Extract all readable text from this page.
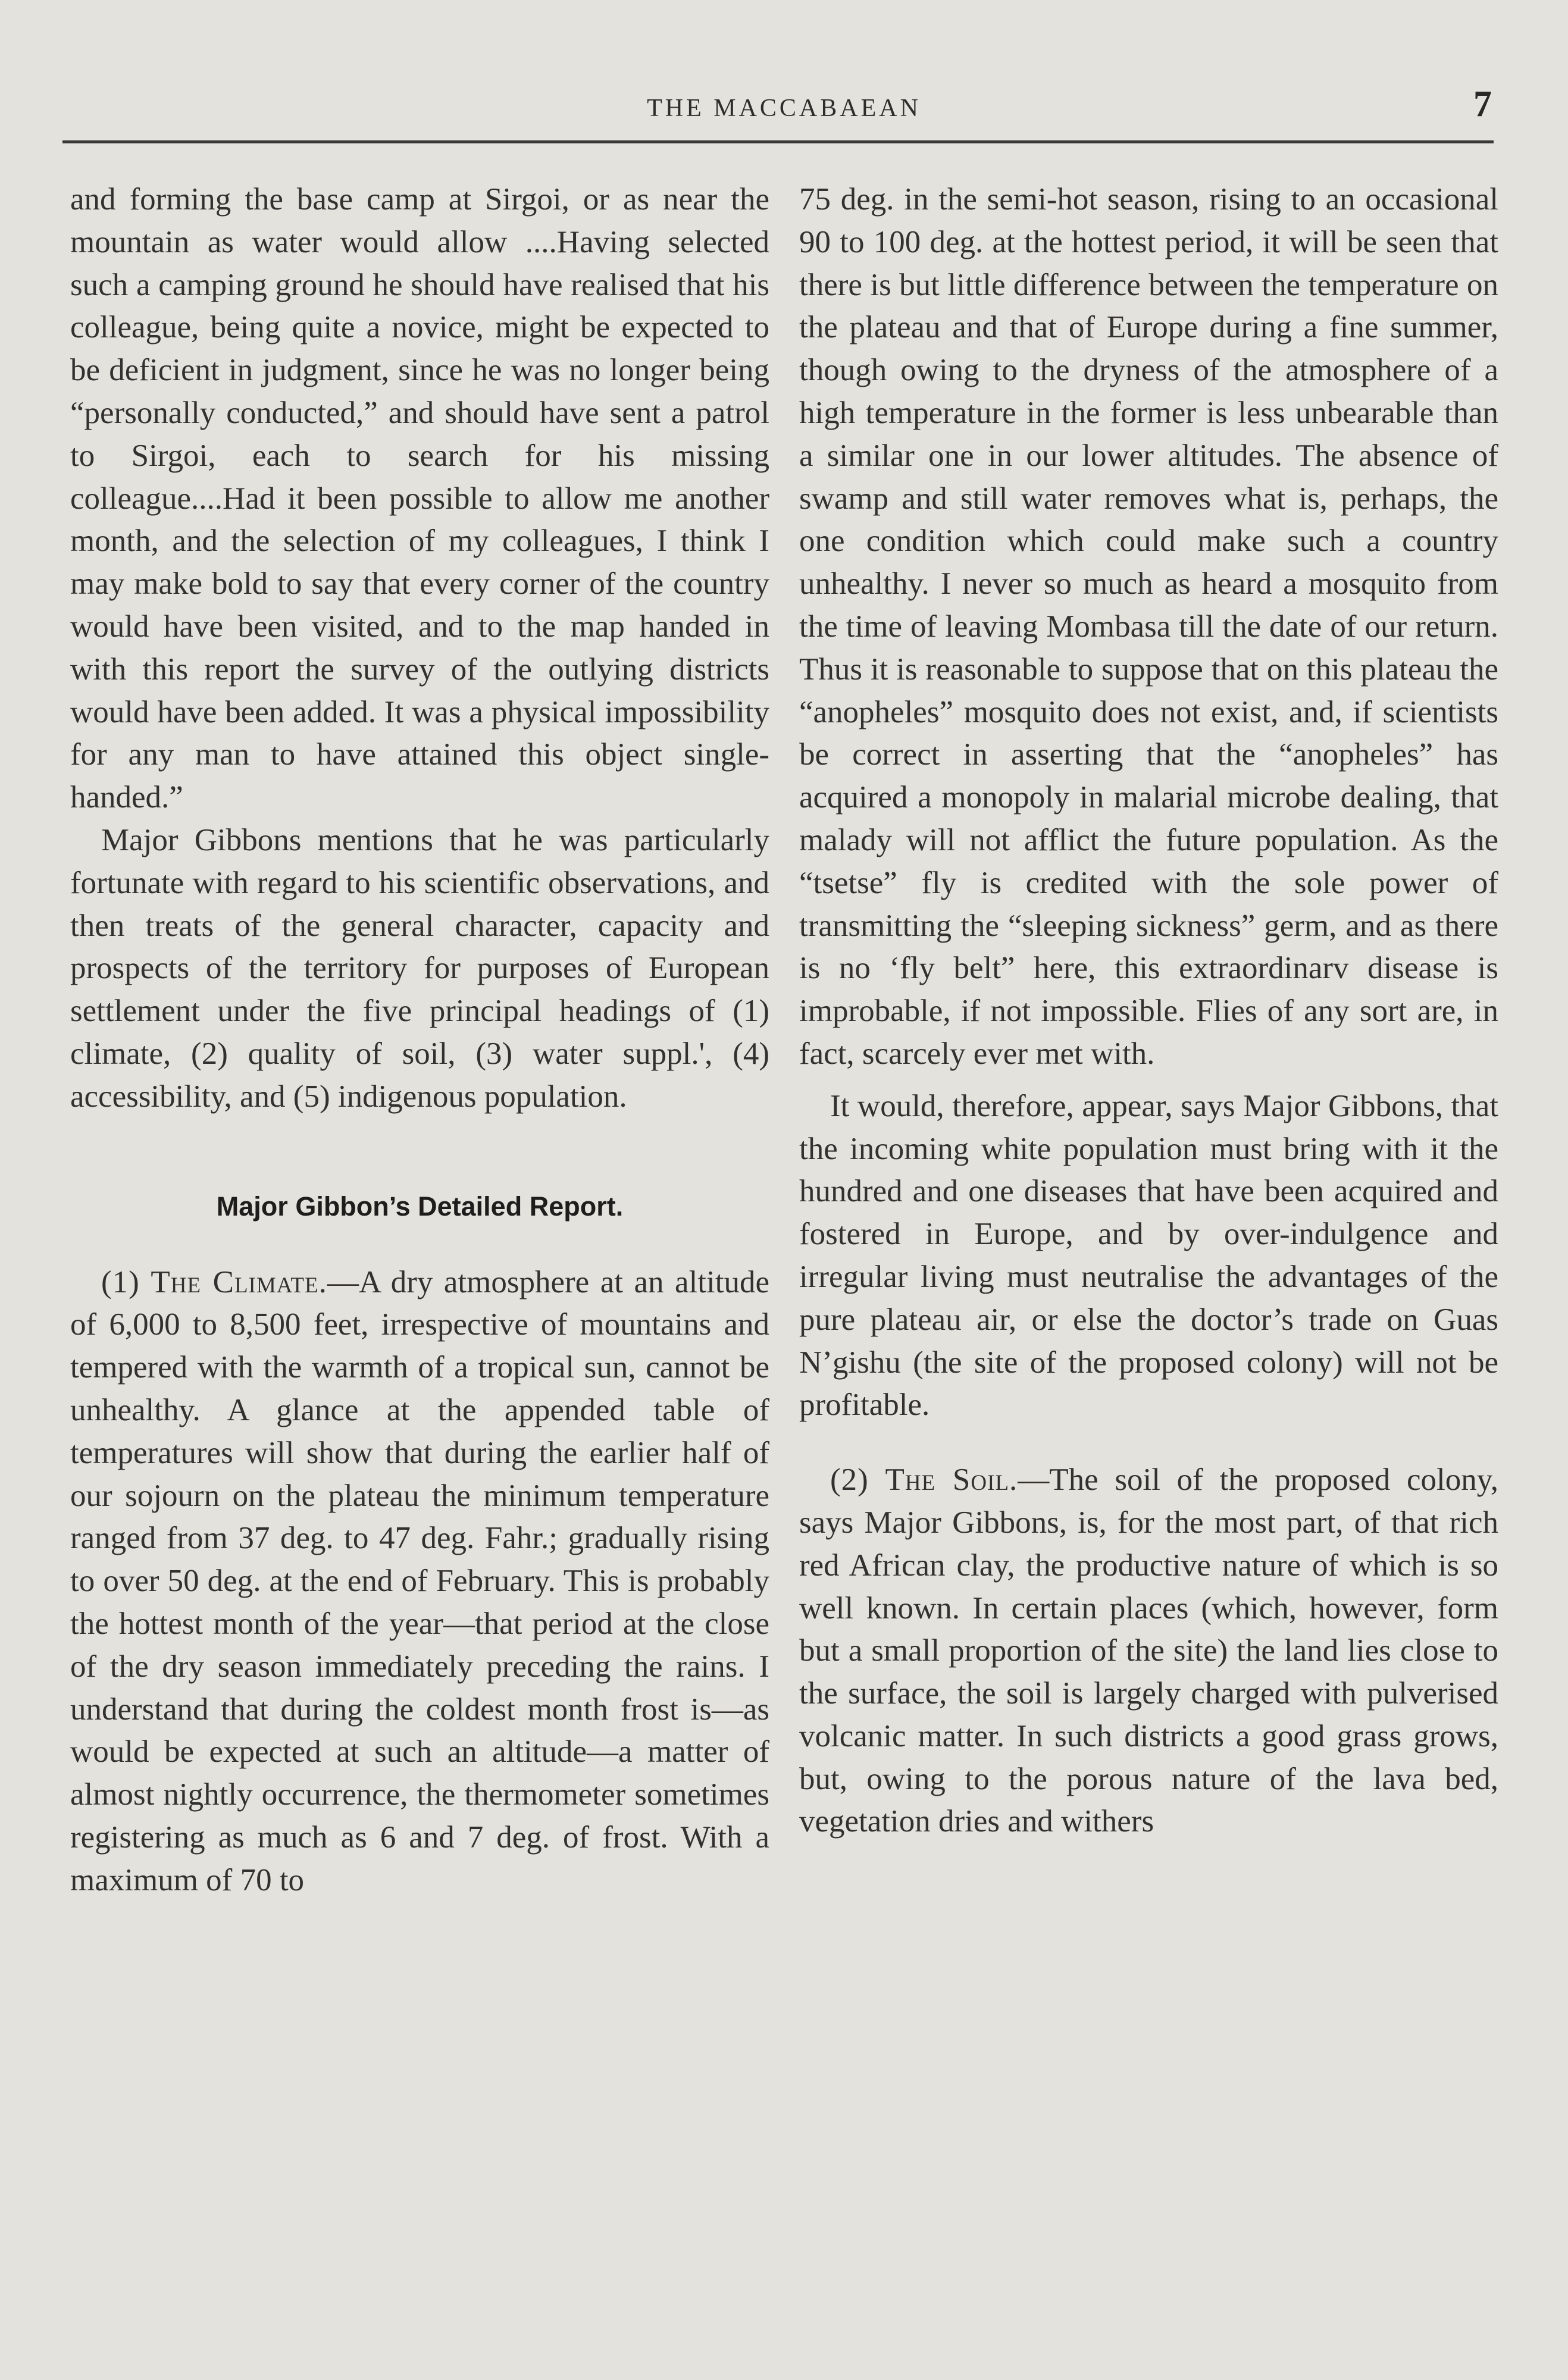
THE MACCABAEAN	7

and forming the base camp at Sirgoi, or as near the mountain as water would allow ....Having selected such a camping ground he should have realised that his colleague, being quite a novice, might be expected to be deficient in judgment, since he was no longer being “personally conducted,” and should have sent a patrol to Sirgoi, each to search for his missing colleague....Had it been possible to allow me another month, and the selection of my colleagues, I think I may make bold to say that every corner of the country would have been visited, and to the map handed in with this report the survey of the outlying districts would have been added. It was a physical impossibility for any man to have attained this object single-handed.”

Major Gibbons mentions that he was particularly fortunate with regard to his scientific observations, and then treats of the general character, capacity and prospects of the territory for purposes of European settlement under the five principal headings of (1) climate, (2) quality of soil, (3) water suppl.', (4) accessibility, and (5) indigenous population.

Major Gibbon’s Detailed Report.

(1) The Climate.—A dry atmosphere at an altitude of 6,000 to 8,500 feet, irrespective of mountains and tempered with the warmth of a tropical sun, cannot be unhealthy. A glance at the appended table of temperatures will show that during the earlier half of our sojourn on the plateau the minimum temperature ranged from 37 deg. to 47 deg. Fahr.; gradually rising to over 50 deg. at the end of February. This is probably the hottest month of the year—that period at the close of the dry season immediately preceding the rains. I understand that during the coldest month frost is—as would be expected at such an altitude—a matter of almost nightly occurrence, the thermometer sometimes registering as much as 6 and 7 deg. of frost. With a maximum of 70 to

75 deg. in the semi-hot season, rising to an occasional 90 to 100 deg. at the hottest period, it will be seen that there is but little difference between the temperature on the plateau and that of Europe during a fine summer, though owing to the dryness of the atmosphere of a high temperature in the former is less unbearable than a similar one in our lower altitudes. The absence of swamp and still water removes what is, perhaps, the one condition which could make such a country unhealthy. I never so much as heard a mosquito from the time of leaving Mombasa till the date of our return. Thus it is reasonable to suppose that on this plateau the “anopheles” mosquito does not exist, and, if scientists be correct in asserting that the “anopheles” has acquired a monopoly in malarial microbe dealing, that malady will not afflict the future population. As the “tsetse” fly is credited with the sole power of transmitting the “sleeping sickness” germ, and as there is no ‘fly belt” here, this extraordinarv disease is improbable, if not impossible. Flies of any sort are, in fact, scarcely ever met with.

It would, therefore, appear, says Major Gibbons, that the incoming white population must bring with it the hundred and one diseases that have been acquired and fostered in Europe, and by over-indulgence and irregular living must neutralise the advantages of the pure plateau air, or else the doctor’s trade on Guas N’gishu (the site of the proposed colony) will not be profitable.

(2) The Soil.—The soil of the proposed colony, says Major Gibbons, is, for the most part, of that rich red African clay, the productive nature of which is so well known. In certain places (which, however, form but a small proportion of the site) the land lies close to the surface, the soil is largely charged with pulverised volcanic matter. In such districts a good grass grows, but, owing to the porous nature of the lava bed, vegetation dries and withers
